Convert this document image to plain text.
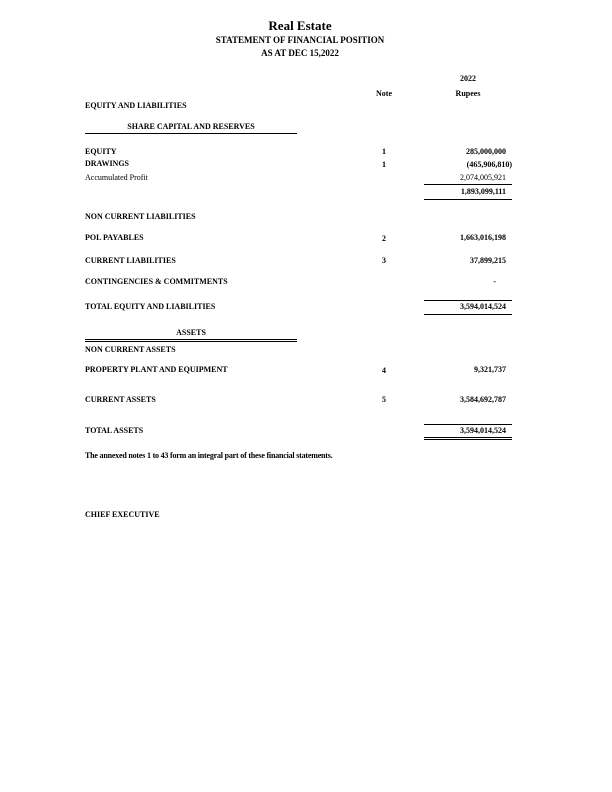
Real Estate
STATEMENT OF FINANCIAL POSITION
AS AT DEC 15,2022
2022
Note	Rupees
EQUITY AND LIABILITIES
SHARE CAPITAL AND RESERVES
EQUITY	1	285,000,000
DRAWINGS	1	(465,906,810)
Accumulated Profit	2,074,005,921
1,893,099,111
NON CURRENT LIABILITIES
POL PAYABLES	2	1,663,016,198
CURRENT LIABILITIES	3	37,899,215
CONTINGENCIES & COMMITMENTS	-
TOTAL EQUITY AND LIABILITIES	3,594,014,524
ASSETS
NON CURRENT ASSETS
PROPERTY PLANT AND EQUIPMENT	4	9,321,737
CURRENT ASSETS	5	3,584,692,787
TOTAL ASSETS	3,594,014,524
The annexed notes 1 to 43 form an integral part of these financial statements.
CHIEF EXECUTIVE
